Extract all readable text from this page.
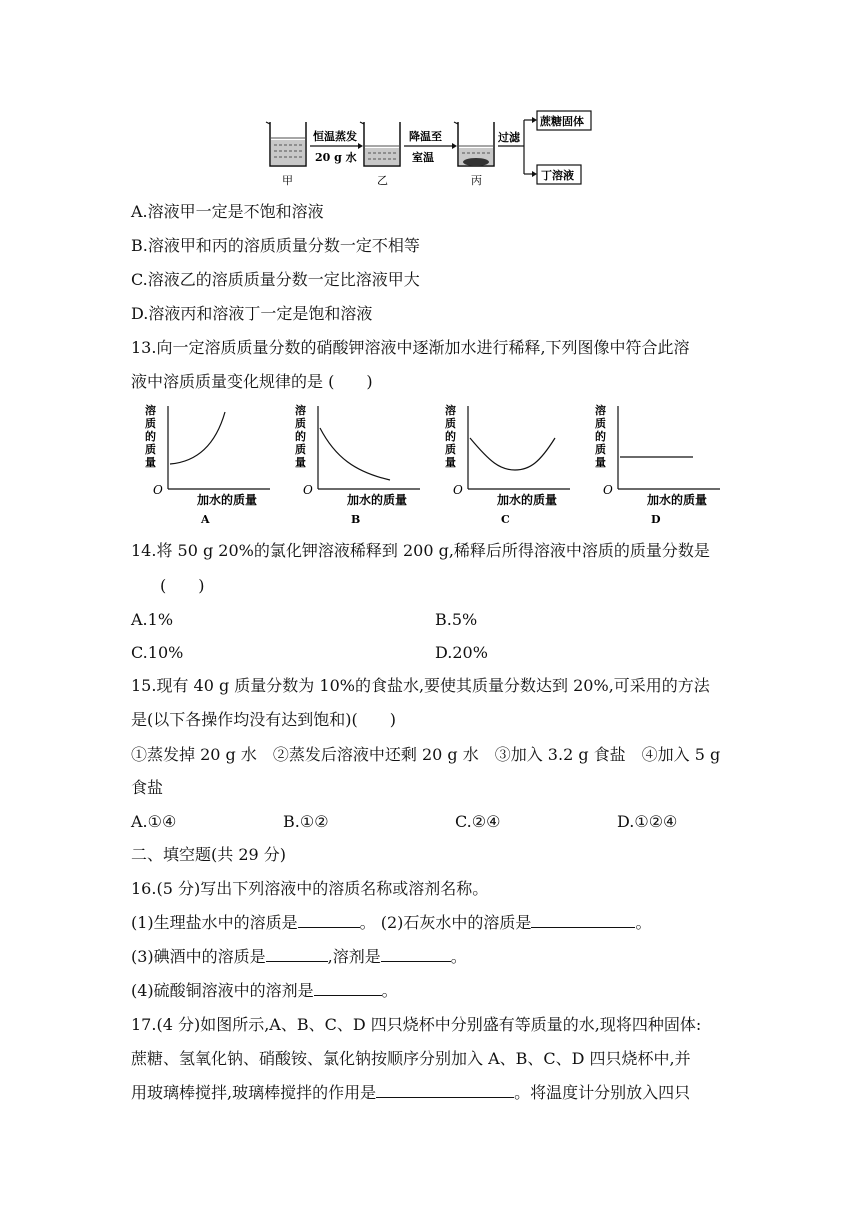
甲
恒温蒸发
20 g 水
乙
降温至
室温
丙
过滤
蔗糖固体
丁溶液
A.溶液甲一定是不饱和溶液
B.溶液甲和丙的溶质质量分数一定不相等
C.溶液乙的溶质质量分数一定比溶液甲大
D.溶液丙和溶液丁一定是饱和溶液
13.向一定溶质质量分数的硝酸钾溶液中逐渐加水进行稀释,下列图像中符合此溶
液中溶质质量变化规律的是 (　　)
溶
质
的
质
量
O
加水的质量
A
溶
质
的
质
量
O
加水的质量
B
溶
质
的
质
量
O
加水的质量
C
溶
质
的
质
量
O
加水的质量
D
14.将 50 g 20%的氯化钾溶液稀释到 200 g,稀释后所得溶液中溶质的质量分数是
(　　)
A.1%	B.5%
C.10%	D.20%
15.现有 40 g 质量分数为 10%的食盐水,要使其质量分数达到 20%,可采用的方法
是(以下各操作均没有达到饱和)(　　)
①蒸发掉 20 g 水　②蒸发后溶液中还剩 20 g 水　③加入 3.2 g 食盐　④加入 5 g
食盐
A.①④	B.①②	C.②④	D.①②④
二、填空题(共 29 分)
16.(5 分)写出下列溶液中的溶质名称或溶剂名称。
(1)生理盐水中的溶质是	。 (2)石灰水中的溶质是	。
(3)碘酒中的溶质是	,溶剂是	。
(4)硫酸铜溶液中的溶剂是	。
17.(4 分)如图所示,A、B、C、D 四只烧杯中分别盛有等质量的水,现将四种固体:
蔗糖、氢氧化钠、硝酸铵、氯化钠按顺序分别加入 A、B、C、D 四只烧杯中,并
用玻璃棒搅拌,玻璃棒搅拌的作用是	。将温度计分别放入四只
